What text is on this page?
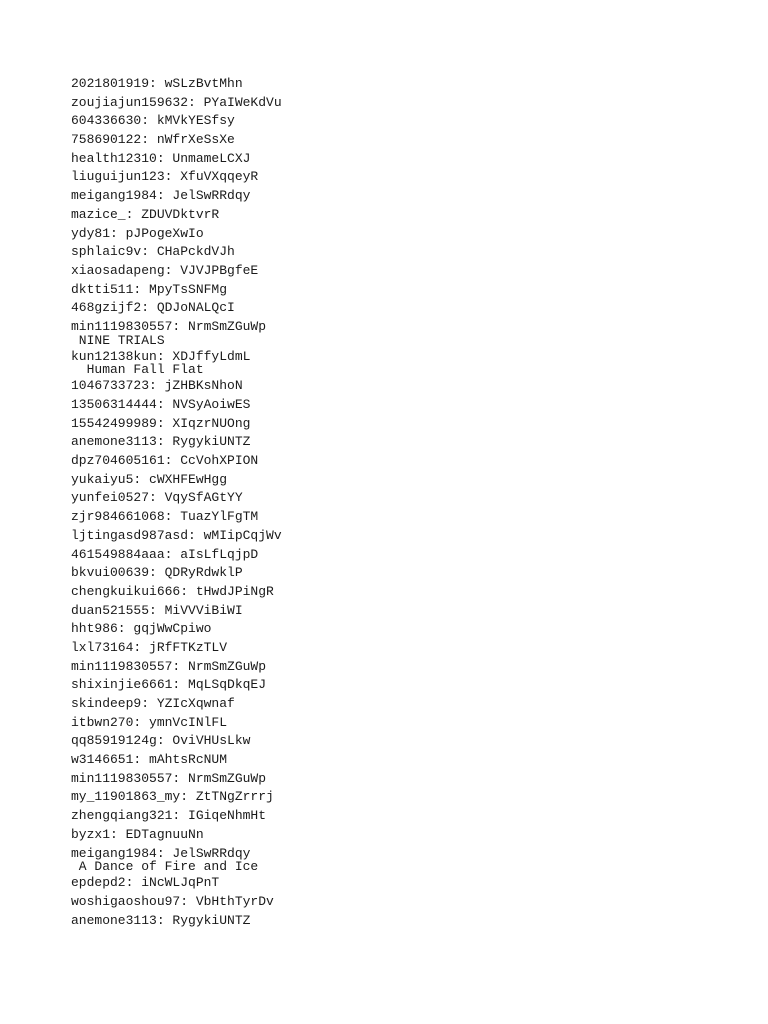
2021801919: wSLzBvtMhn
zoujiajun159632: PYaIWeKdVu
604336630: kMVkYESfsy
758690122: nWfrXeSsXe
health12310: UnmameLCXJ
liuguijun123: XfuVXqqeyR
meigang1984: JelSwRRdqy
mazice_: ZDUVDktvrR
ydy81: pJPogeXwIo
sphlaic9v: CHaPckdVJh
xiaosadapeng: VJVJPBgfeE
dktti511: MpyTsSNFMg
468gzijf2: QDJoNALQcI
min1119830557: NrmSmZGuWp
NINE TRIALS
kun12138kun: XDJffyLdmL
Human Fall Flat
1046733723: jZHBKsNhoN
13506314444: NVSyAoiwES
15542499989: XIqzrNUOng
anemone3113: RygykiUNTZ
dpz704605161: CcVohXPION
yukaiyu5: cWXHFEwHgg
yunfei0527: VqySfAGtYY
zjr984661068: TuazYlFgTM
ljtingasd987asd: wMIipCqjWv
461549884aaa: aIsLfLqjpD
bkvui00639: QDRyRdwklP
chengkuikui666: tHwdJPiNgR
duan521555: MiVVViBiWI
hht986: gqjWwCpiwo
lxl73164: jRfFTKzTLV
min1119830557: NrmSmZGuWp
shixinjie6661: MqLSqDkqEJ
skindeep9: YZIcXqwnaf
itbwn270: ymnVcINlFL
qq85919124g: OviVHUsLkw
w3146651: mAhtsRcNUM
min1119830557: NrmSmZGuWp
my_11901863_my: ZtTNgZrrrj
zhengqiang321: IGiqeNhmHt
byzx1: EDTagnuuNn
meigang1984: JelSwRRdqy
A Dance of Fire and Ice
epdepd2: iNcWLJqPnT
woshigaoshou97: VbHthTyrDv
anemone3113: RygykiUNTZ
